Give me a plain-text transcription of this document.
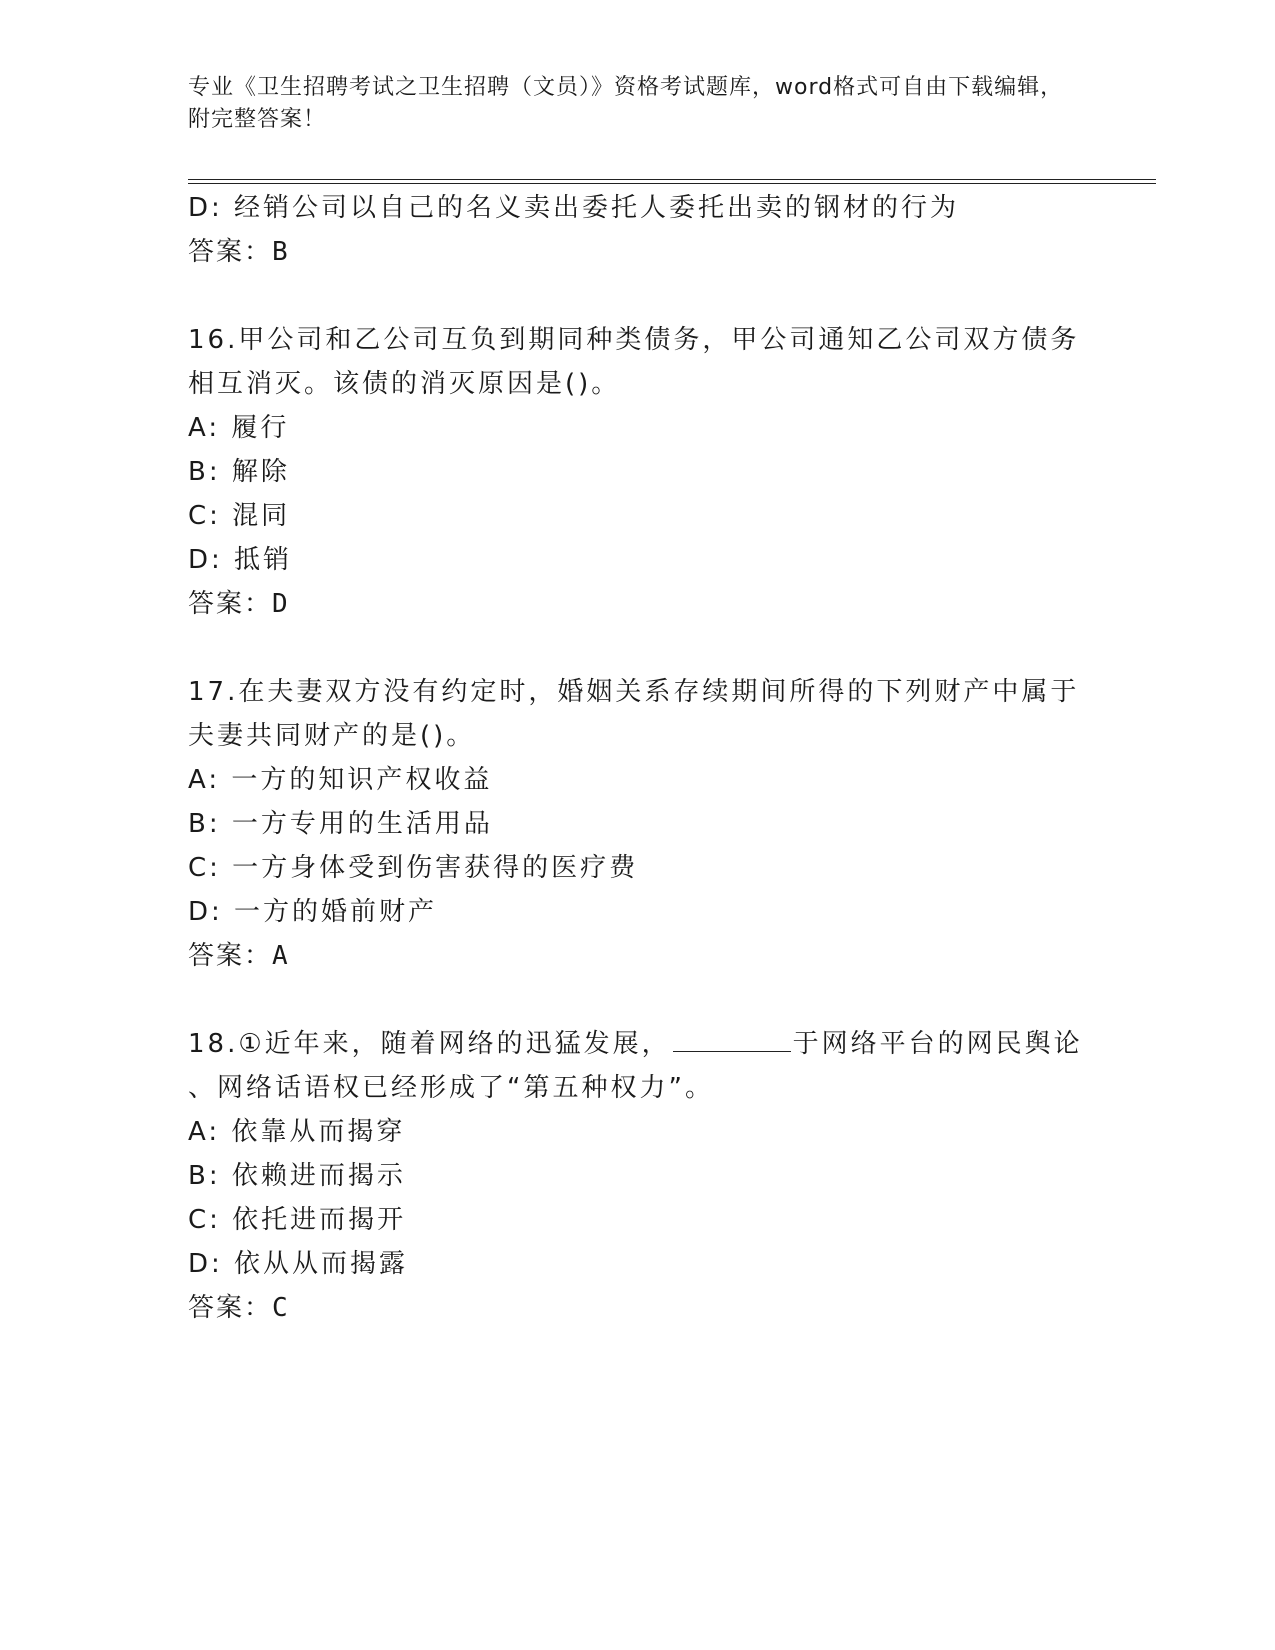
专业《卫生招聘考试之卫生招聘（文员）》资格考试题库，word格式可自由下载编辑，附完整答案！
D: 经销公司以自己的名义卖出委托人委托出卖的钢材的行为
答案：B
16.甲公司和乙公司互负到期同种类债务，甲公司通知乙公司双方债务
相互消灭。该债的消灭原因是()。
A: 履行
B: 解除
C: 混同
D: 抵销
答案：D
17.在夫妻双方没有约定时，婚姻关系存续期间所得的下列财产中属于
夫妻共同财产的是()。
A: 一方的知识产权收益
B: 一方专用的生活用品
C: 一方身体受到伤害获得的医疗费
D: 一方的婚前财产
答案：A
18.①近年来，随着网络的迅猛发展，	于网络平台的网民舆论
、网络话语权已经形成了“第五种权力”。
A: 依靠从而揭穿
B: 依赖进而揭示
C: 依托进而揭开
D: 依从从而揭露
答案：C
